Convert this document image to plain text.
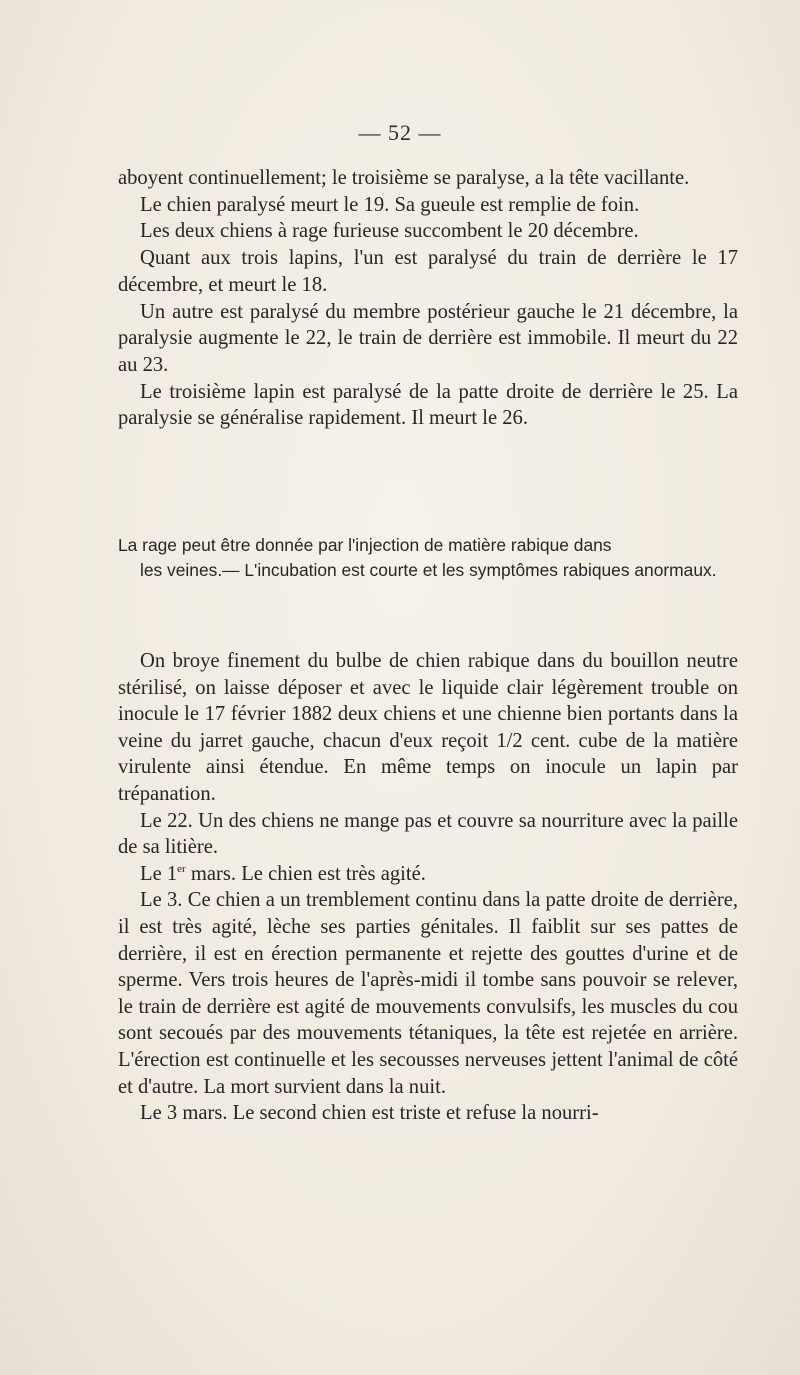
— 52 —

aboyent continuellement; le troisième se paralyse, a la tête vacillante.

Le chien paralysé meurt le 19. Sa gueule est remplie de foin.

Les deux chiens à rage furieuse succombent le 20 décembre.

Quant aux trois lapins, l'un est paralysé du train de derrière le 17 décembre, et meurt le 18.

Un autre est paralysé du membre postérieur gauche le 21 décembre, la paralysie augmente le 22, le train de derrière est immobile. Il meurt du 22 au 23.

Le troisième lapin est paralysé de la patte droite de derrière le 25. La paralysie se généralise rapidement. Il meurt le 26.

La rage peut être donnée par l'injection de matière rabique dans

les veines.— L'incubation est courte et les symptômes rabiques anormaux.

On broye finement du bulbe de chien rabique dans du bouillon neutre stérilisé, on laisse déposer et avec le liquide clair légèrement trouble on inocule le 17 février 1882 deux chiens et une chienne bien portants dans la veine du jarret gauche, chacun d'eux reçoit 1/2 cent. cube de la matière virulente ainsi étendue. En même temps on inocule un lapin par trépanation.

Le 22. Un des chiens ne mange pas et couvre sa nourriture avec la paille de sa litière.

Le 1er mars. Le chien est très agité.

Le 3. Ce chien a un tremblement continu dans la patte droite de derrière, il est très agité, lèche ses parties génitales. Il faiblit sur ses pattes de derrière, il est en érection permanente et rejette des gouttes d'urine et de sperme. Vers trois heures de l'après-midi il tombe sans pouvoir se relever, le train de derrière est agité de mouvements convulsifs, les muscles du cou sont secoués par des mouvements tétaniques, la tête est rejetée en arrière. L'érection est continuelle et les secousses nerveuses jettent l'animal de côté et d'autre. La mort survient dans la nuit.

Le 3 mars. Le second chien est triste et refuse la nourri-
